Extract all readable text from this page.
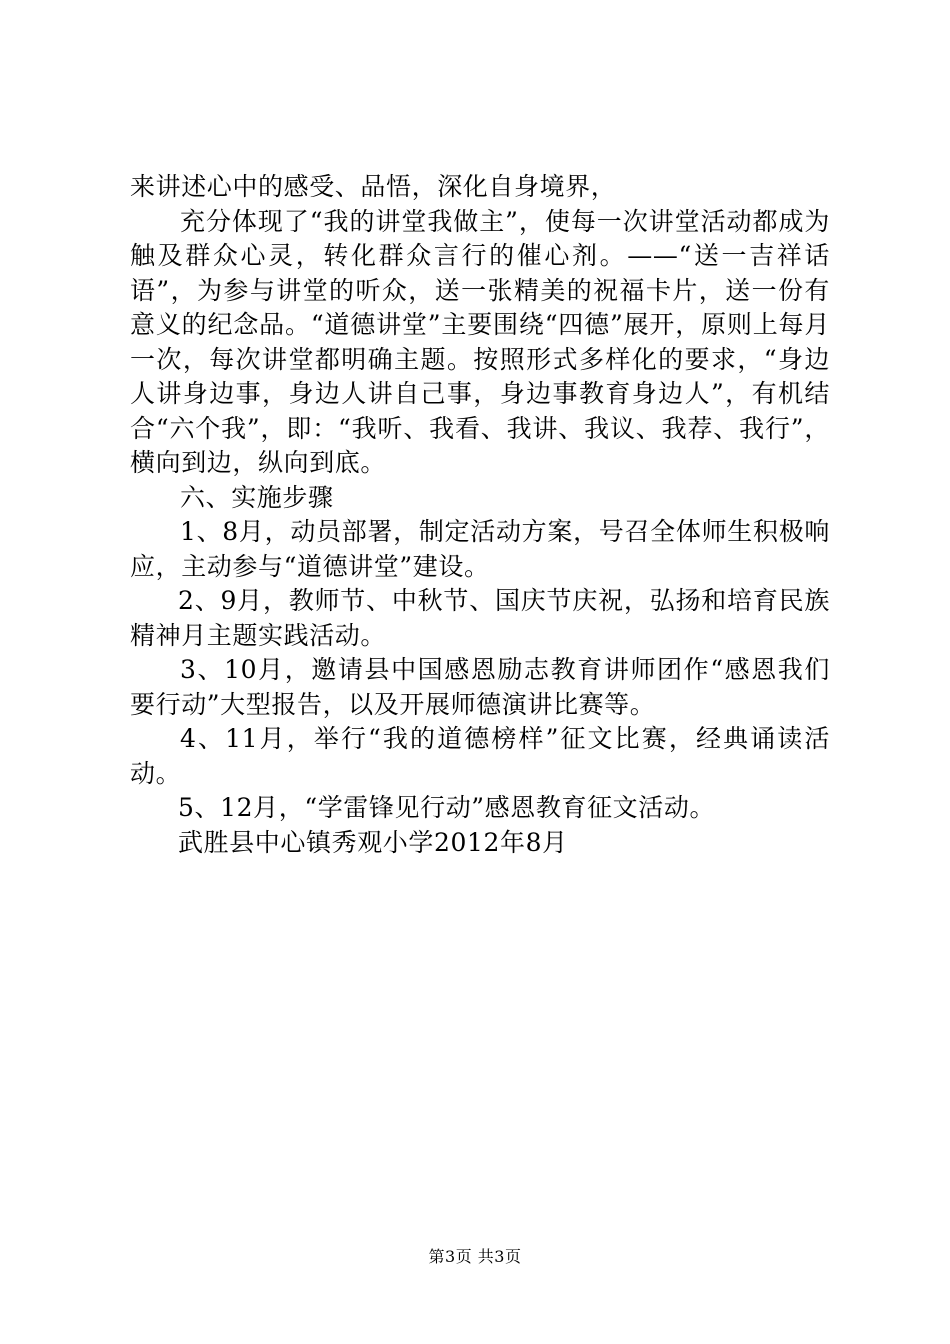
来讲述心中的感受、品悟，深化自身境界，

充分体现了“我的讲堂我做主”，使每一次讲堂活动都成为触及群众心灵，转化群众言行的催心剂。——“送一吉祥话语”，为参与讲堂的听众，送一张精美的祝福卡片，送一份有意义的纪念品。“道德讲堂”主要围绕“四德”展开，原则上每月一次，每次讲堂都明确主题。按照形式多样化的要求，“身边人讲身边事，身边人讲自己事，身边事教育身边人”，有机结合“六个我”，即：“我听、我看、我讲、我议、我荐、我行”，横向到边，纵向到底。

六、实施步骤

1、8月，动员部署，制定活动方案，号召全体师生积极响应，主动参与“道德讲堂”建设。

2、9月，教师节、中秋节、国庆节庆祝，弘扬和培育民族精神月主题实践活动。

3、10月，邀请县中国感恩励志教育讲师团作“感恩我们要行动”大型报告，以及开展师德演讲比赛等。

4、11月，举行“我的道德榜样”征文比赛，经典诵读活动。

5、12月，“学雷锋见行动”感恩教育征文活动。

武胜县中心镇秀观小学2012年8月

第3页 共3页
